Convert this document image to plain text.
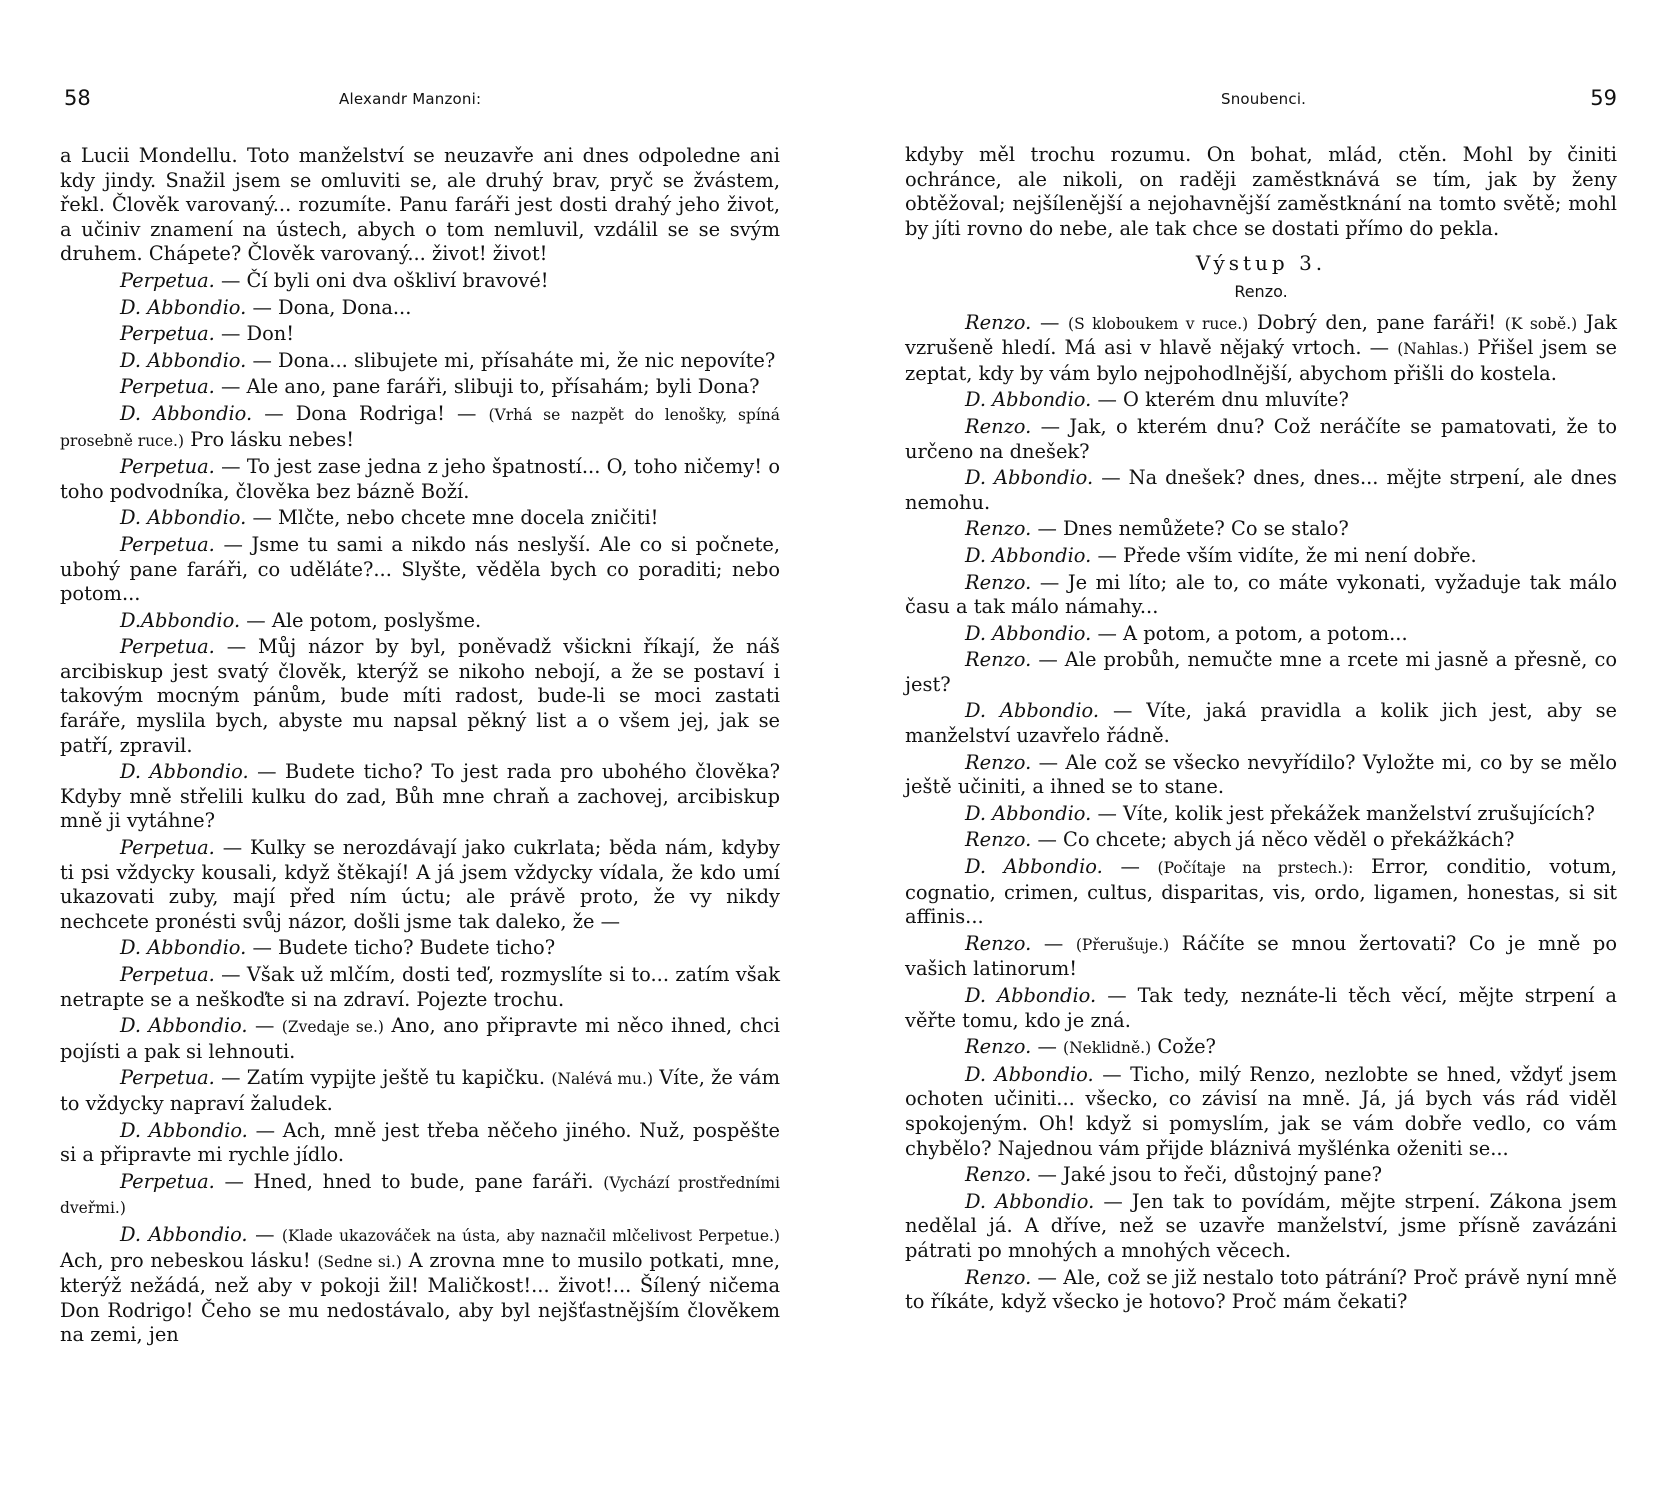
58	Alexandr Manzoni:

a Lucii Mondellu. Toto manželství se neuzavře ani dnes odpoledne ani kdy jindy. Snažil jsem se omluviti se, ale druhý brav, pryč se žvástem, řekl. Člověk varovaný... rozumíte. Panu faráři jest dosti drahý jeho život, a učiniv znamení na ústech, abych o tom nemluvil, vzdálil se se svým druhem. Chápete? Člověk varovaný... život! život!

Perpetua. — Čí byli oni dva oškliví bravové!

D. Abbondio. — Dona, Dona...

Perpetua. — Don!

D. Abbondio. — Dona... slibujete mi, přísaháte mi, že nic nepovíte?

Perpetua. — Ale ano, pane faráři, slibuji to, přísahám; byli Dona?

D. Abbondio. — Dona Rodriga! — (Vrhá se nazpět do lenošky, spíná prosebně ruce.) Pro lásku nebes!

Perpetua. — To jest zase jedna z jeho špatností... O, toho ničemy! o toho podvodníka, člověka bez bázně Boží.

D. Abbondio. — Mlčte, nebo chcete mne docela zničiti!

Perpetua. — Jsme tu sami a nikdo nás neslyší. Ale co si počnete, ubohý pane faráři, co uděláte?... Slyšte, věděla bych co poraditi; nebo potom...

D.Abbondio. — Ale potom, poslyšme.

Perpetua. — Můj názor by byl, poněvadž všickni říkají, že náš arcibiskup jest svatý člověk, kterýž se nikoho nebojí, a že se postaví i takovým mocným pánům, bude míti radost, bude-li se moci zastati faráře, myslila bych, abyste mu napsal pěkný list a o všem jej, jak se patří, zpravil.

D. Abbondio. — Budete ticho? To jest rada pro ubohého člověka? Kdyby mně střelili kulku do zad, Bůh mne chraň a zachovej, arcibiskup mně ji vytáhne?

Perpetua. — Kulky se nerozdávají jako cukrlata; běda nám, kdyby ti psi vždycky kousali, když štěkají! A já jsem vždycky vídala, že kdo umí ukazovati zuby, mají před ním úctu; ale právě proto, že vy nikdy nechcete pronésti svůj názor, došli jsme tak daleko, že —

D. Abbondio. — Budete ticho? Budete ticho?

Perpetua. — Však už mlčím, dosti teď, rozmyslíte si to... zatím však netrapte se a neškoďte si na zdraví. Pojezte trochu.

D. Abbondio. — (Zvedaje se.) Ano, ano připravte mi něco ihned, chci pojísti a pak si lehnouti.

Perpetua. — Zatím vypijte ještě tu kapičku. (Nalévá mu.) Víte, že vám to vždycky napraví žaludek.

D. Abbondio. — Ach, mně jest třeba něčeho jiného. Nuž, pospěšte si a připravte mi rychle jídlo.

Perpetua. — Hned, hned to bude, pane faráři. (Vychází prostředními dveřmi.)

D. Abbondio. — (Klade ukazováček na ústa, aby naznačil mlčelivost Perpetue.) Ach, pro nebeskou lásku! (Sedne si.) A zrovna mne to musilo potkati, mne, kterýž nežádá, než aby v pokoji žil! Maličkost!... život!... Šílený ničema Don Rodrigo! Čeho se mu nedostávalo, aby byl nejšťastnějším člověkem na zemi, jen

Snoubenci.	59

kdyby měl trochu rozumu. On bohat, mlád, ctěn. Mohl by činiti ochránce, ale nikoli, on raději zaměstknává se tím, jak by ženy obtěžoval; nejšílenější a nejohavnější zaměstknání na tomto světě; mohl by jíti rovno do nebe, ale tak chce se dostati přímo do pekla.

Výstup 3.
Renzo.

Renzo. — (S kloboukem v ruce.) Dobrý den, pane faráři! (K sobě.) Jak vzrušeně hledí. Má asi v hlavě nějaký vrtoch. — (Nahlas.) Přišel jsem se zeptat, kdy by vám bylo nejpohodlnější, abychom přišli do kostela.

D. Abbondio. — O kterém dnu mluvíte?

Renzo. — Jak, o kterém dnu? Což neráčíte se pamatovati, že to určeno na dnešek?

D. Abbondio. — Na dnešek? dnes, dnes... mějte strpení, ale dnes nemohu.

Renzo. — Dnes nemůžete? Co se stalo?

D. Abbondio. — Přede vším vidíte, že mi není dobře.

Renzo. — Je mi líto; ale to, co máte vykonati, vyžaduje tak málo času a tak málo námahy...

D. Abbondio. — A potom, a potom, a potom...

Renzo. — Ale probůh, nemučte mne a rcete mi jasně a přesně, co jest?

D. Abbondio. — Víte, jaká pravidla a kolik jich jest, aby se manželství uzavřelo řádně.

Renzo. — Ale což se všecko nevyřídilo? Vyložte mi, co by se mělo ještě učiniti, a ihned se to stane.

D. Abbondio. — Víte, kolik jest překážek manželství zrušujících?

Renzo. — Co chcete; abych já něco věděl o překážkách?

D. Abbondio. — (Počítaje na prstech.): Error, conditio, votum, cognatio, crimen, cultus, disparitas, vis, ordo, ligamen, honestas, si sit affinis...

Renzo. — (Přerušuje.) Ráčíte se mnou žertovati? Co je mně po vašich latinorum!

D. Abbondio. — Tak tedy, neznáte-li těch věcí, mějte strpení a věřte tomu, kdo je zná.

Renzo. — (Neklidně.) Cože?

D. Abbondio. — Ticho, milý Renzo, nezlobte se hned, vždyť jsem ochoten učiniti... všecko, co závisí na mně. Já, já bych vás rád viděl spokojeným. Oh! když si pomyslím, jak se vám dobře vedlo, co vám chybělo? Najednou vám přijde bláznivá myšlénka oženiti se...

Renzo. — Jaké jsou to řeči, důstojný pane?

D. Abbondio. — Jen tak to povídám, mějte strpení. Zákona jsem nedělal já. A dříve, než se uzavře manželství, jsme přísně zavázáni pátrati po mnohých a mnohých věcech.

Renzo. — Ale, což se již nestalo toto pátrání? Proč právě nyní mně to říkáte, když všecko je hotovo? Proč mám čekati?
